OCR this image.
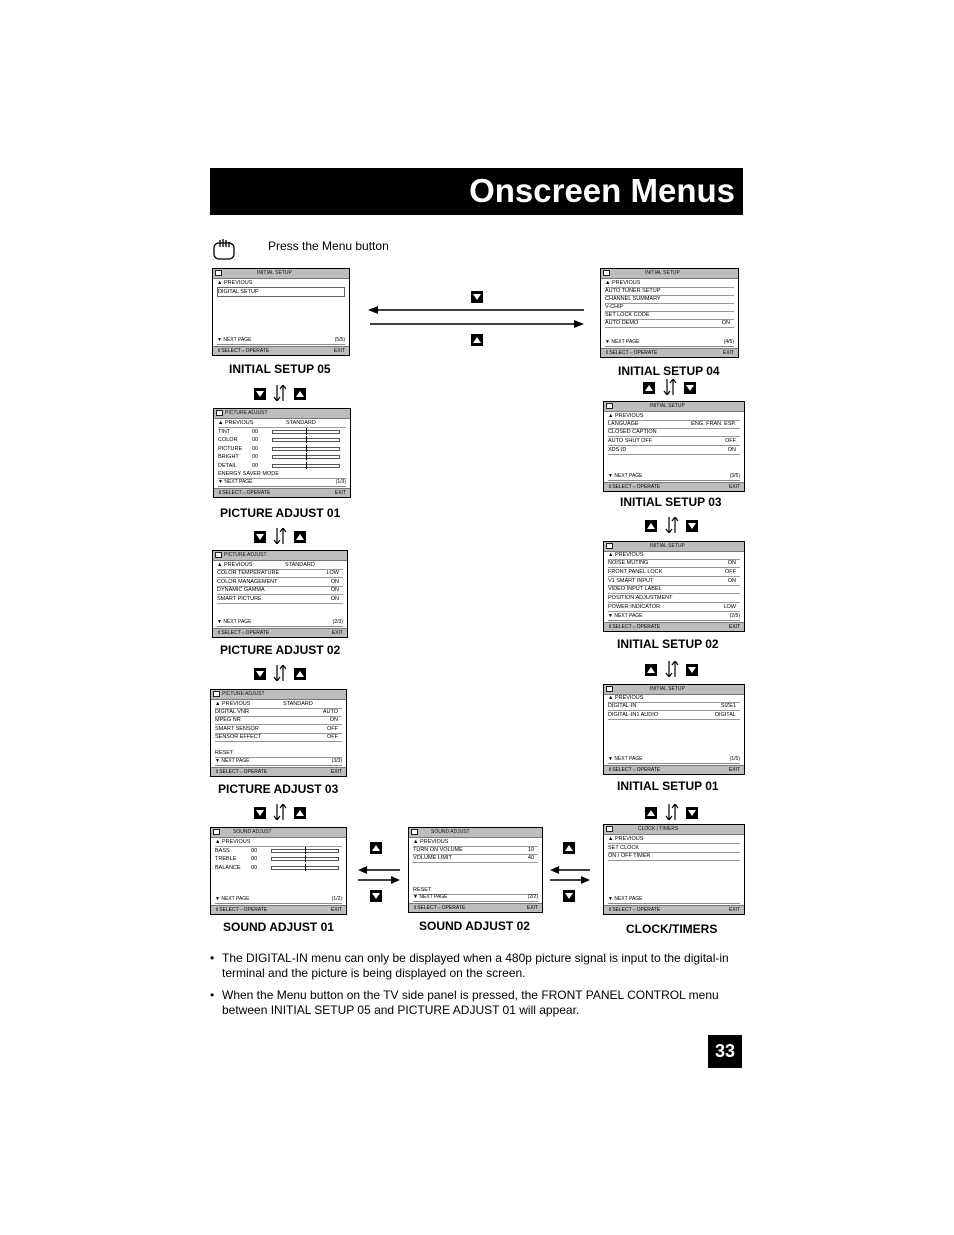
Onscreen Menus
Press the Menu button
INITIAL SETUP
▲ PREVIOUS
DIGITAL SETUP
▼ NEXT PAGE	(5/5)
⇕SELECT⇔OPERATE	EXIT
INITIAL SETUP 05
INITIAL SETUP
▲ PREVIOUS
AUTO TUNER SETUP
CHANNEL SUMMARY
V-CHIP
SET LOCK CODE
AUTO DEMO	ON
▼ NEXT PAGE	(4/5)
⇕SELECT⇔OPERATE	EXIT
INITIAL SETUP 04
PICTURE ADJUST
▲ PREVIOUS	STANDARD
TINT	00
COLOR	00
PICTURE 00
BRIGHT 00
DETAIL	00
ENERGY SAVER MODE
▼ NEXT PAGE	(1/3)
⇕SELECT⇔OPERATE	EXIT
PICTURE ADJUST 01
INITIAL SETUP
▲ PREVIOUS
LANGUAGE	ENG. FRAN. ESP.
CLOSED CAPTION
AUTO SHUT OFF	OFF
XDS ID	ON
▼ NEXT PAGE	(3/5)
⇕SELECT⇔OPERATE	EXIT
INITIAL SETUP 03
PICTURE ADJUST
▲ PREVIOUS	STANDARD
COLOR TEMPERATURE	LOW
COLOR MANAGEMENT	ON
DYNAMIC GAMMA	ON
SMART PICTURE	ON
▼ NEXT PAGE	(2/3)
⇕SELECT⇔OPERATE	EXIT
PICTURE ADJUST 02
INITIAL SETUP
▲ PREVIOUS
NOISE MUTING	ON
FRONT PANEL LOCK	OFF
V1 SMART INPUT	ON
VIDEO INPUT LABEL
POSITION ADJUSTMENT
POWER INDICATOR	LOW
▼ NEXT PAGE	(2/5)
⇕SELECT⇔OPERATE	EXIT
INITIAL SETUP 02
PICTURE ADJUST
▲ PREVIOUS	STANDARD
DIGITAL VNR	AUTO
MPEG NR	ON
SMART SENSOR	OFF
SENSOR EFFECT	OFF
RESET
▼ NEXT PAGE	(3/3)
⇕SELECT⇔OPERATE	EXIT
PICTURE ADJUST 03
INITIAL SETUP
▲ PREVIOUS
DIGITAL-IN	SIZE1
DIGITAL-IN1 AUDIO	DIGITAL
▼ NEXT PAGE	(1/5)
⇕SELECT⇔OPERATE	EXIT
INITIAL SETUP 01
SOUND ADJUST
▲ PREVIOUS
BASS	00
TREBLE	00
BALANCE 00
▼ NEXT PAGE	(1/2)
⇕SELECT⇔OPERATE	EXIT
SOUND ADJUST 01
SOUND ADJUST
▲ PREVIOUS
TURN ON VOLUME	10
VOLUME LIMIT	40
RESET
▼ NEXT PAGE	(2/2)
⇕SELECT⇔OPERATE	EXIT
SOUND ADJUST 02
CLOCK / TIMERS
▲ PREVIOUS
SET CLOCK
ON / OFF TIMER
▼ NEXT PAGE
⇕SELECT⇔OPERATE	EXIT
CLOCK/TIMERS
• The DIGITAL-IN menu can only be displayed when a 480p picture signal is input to the digital-in terminal and the picture is being displayed on the screen.
• When the Menu button on the TV side panel is pressed, the FRONT PANEL CONTROL menu between INITIAL SETUP 05 and PICTURE ADJUST 01 will appear.
33
